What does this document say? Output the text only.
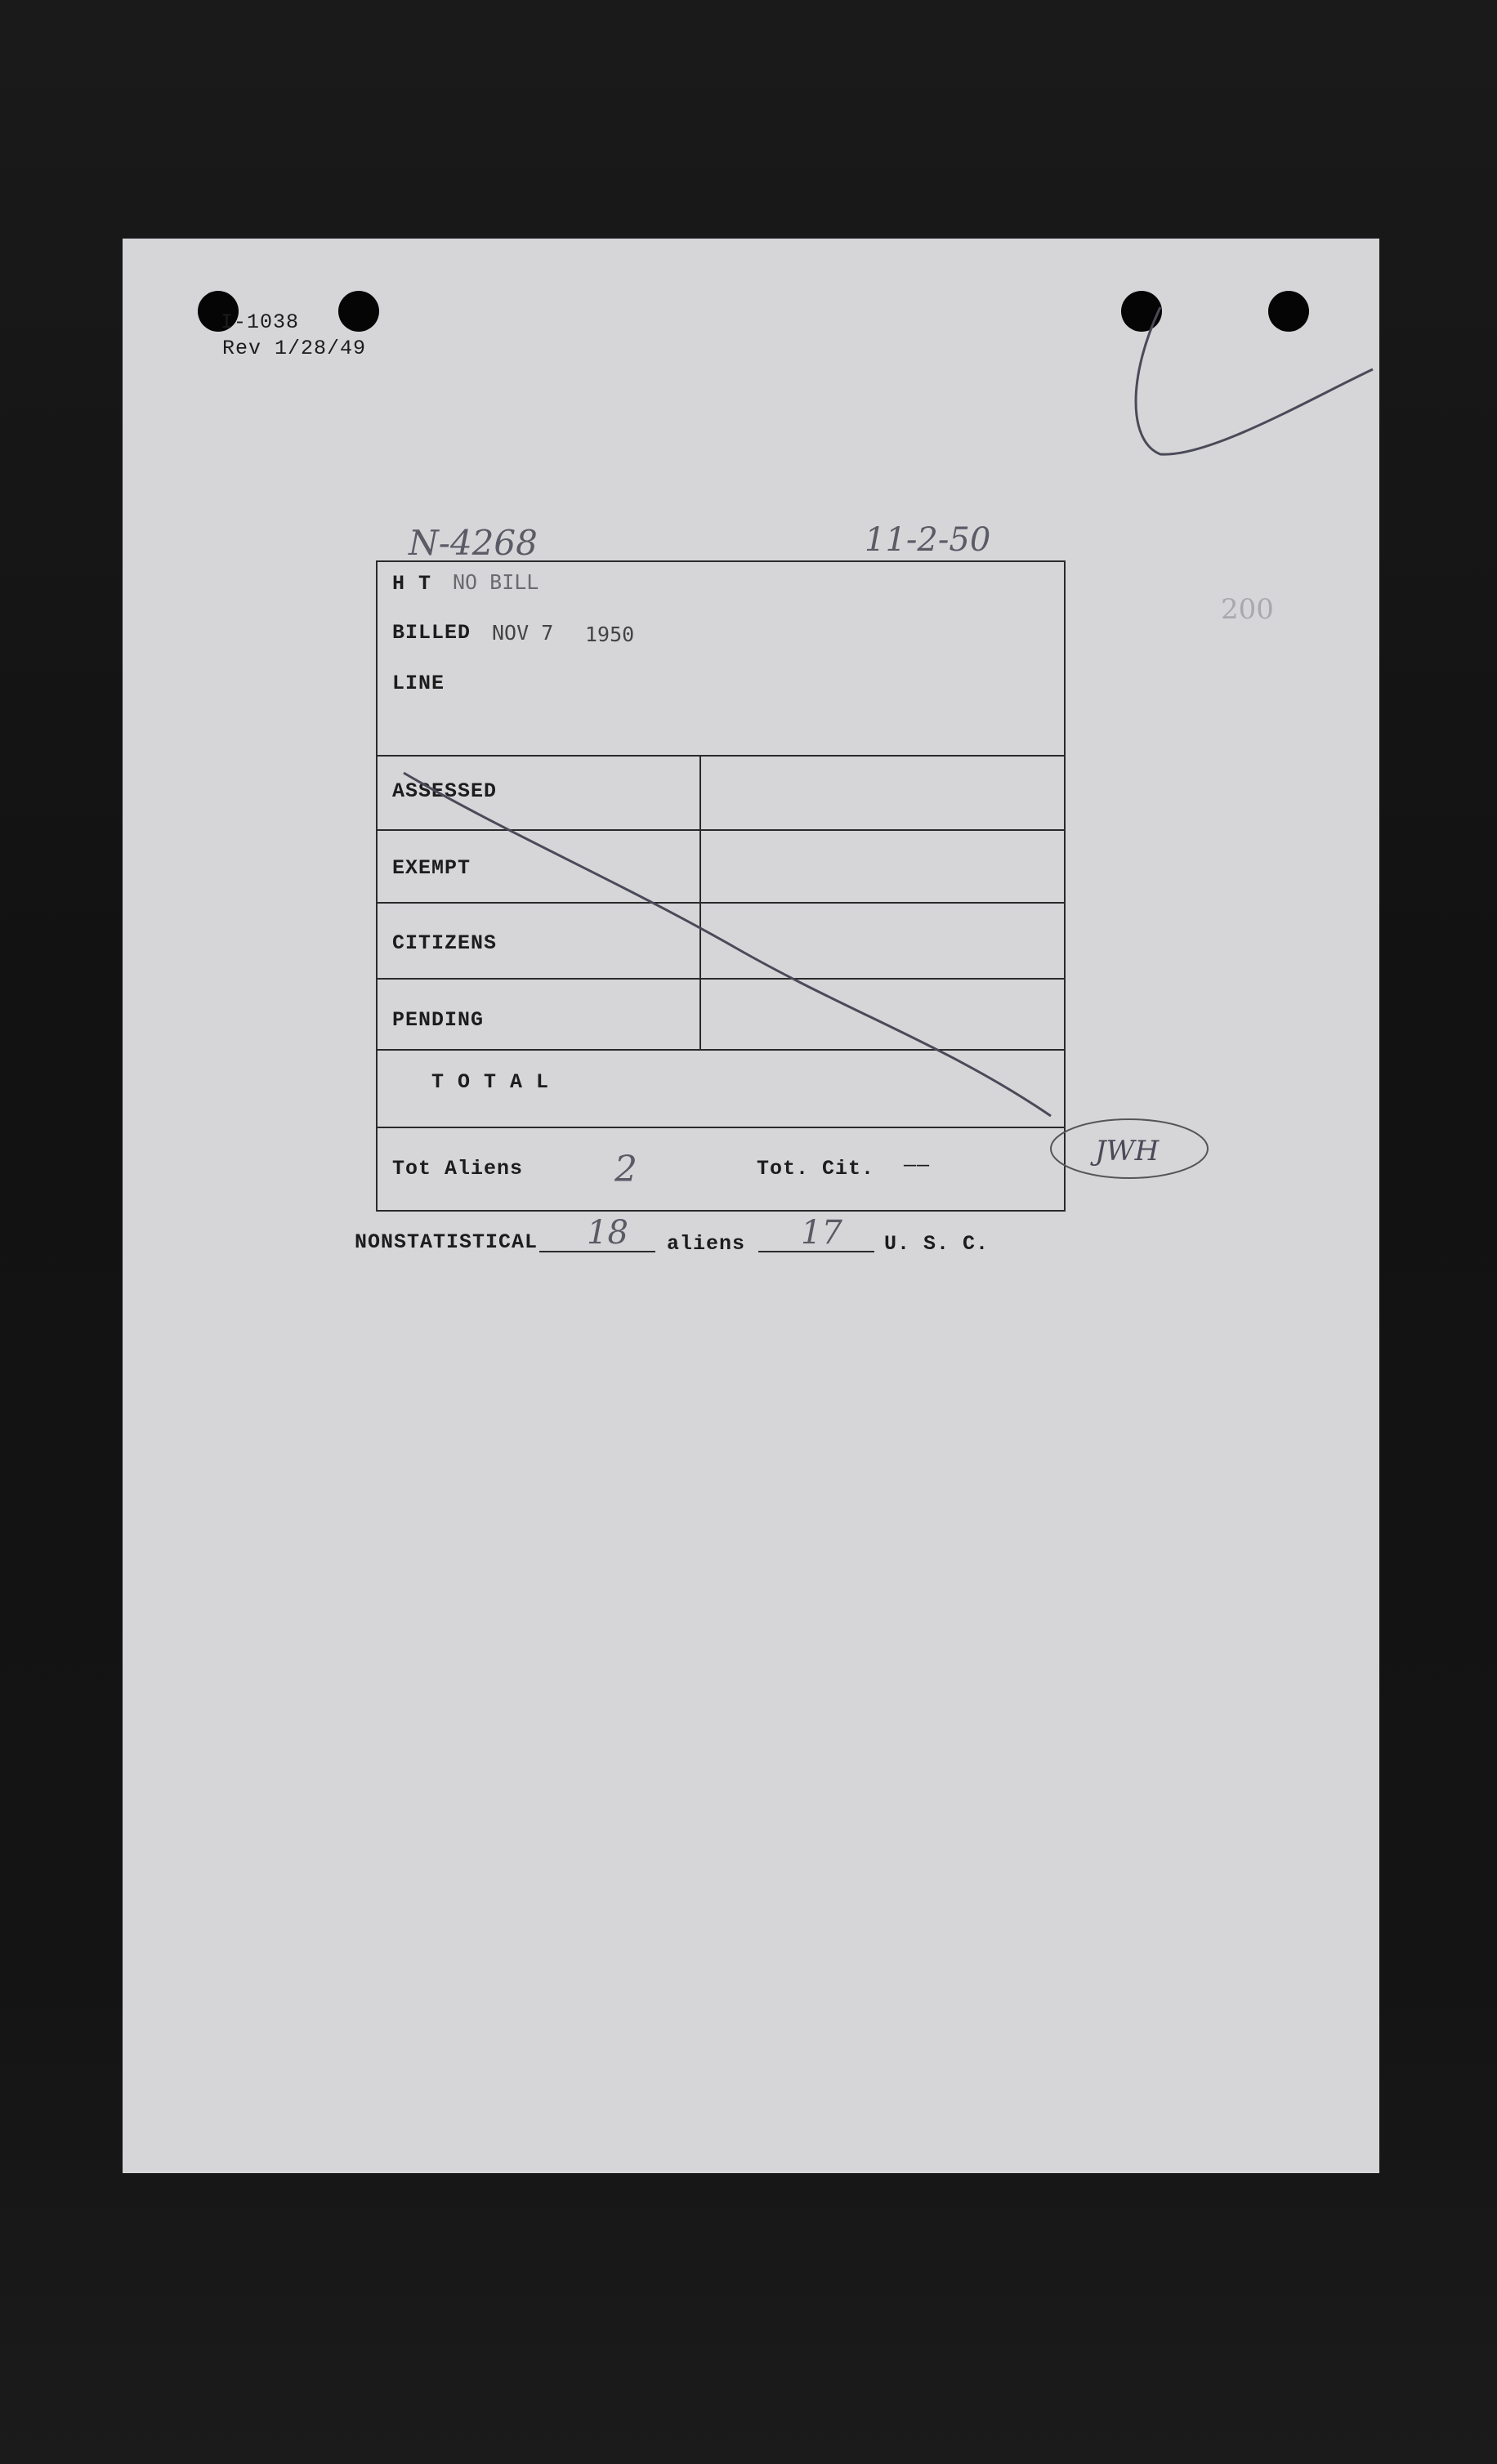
I-1038
Rev 1/28/49
N-4268	11-2-50
200
H T NO BILL
BILLED NOV 7 1950
LINE
ASSESSED
EXEMPT
CITIZENS
PENDING
T O T A L
Tot Aliens	2	Tot. Cit. ——
NONSTATISTICAL 18 aliens 17 U. S. C.
JWH
